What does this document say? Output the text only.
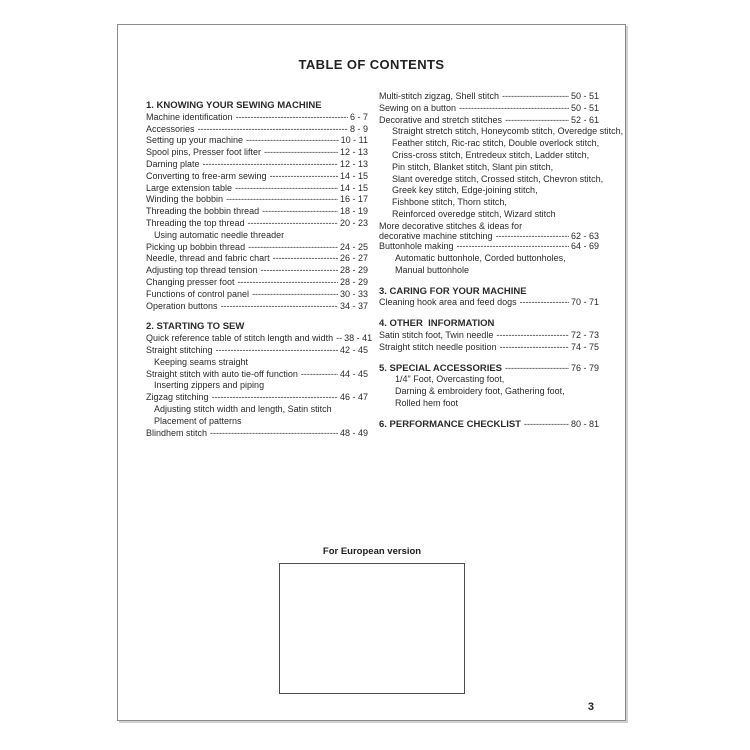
TABLE OF CONTENTS
1. KNOWING YOUR SEWING MACHINE
Machine identification -----	6 - 7
Accessories -----	8 - 9
Setting up your machine -----	10 - 11
Spool pins, Presser foot lifter -----	12 - 13
Darning plate -----	12 - 13
Converting to free-arm sewing -----	14 - 15
Large extension table -----	14 - 15
Winding the bobbin -----	16 - 17
Threading the bobbin thread -----	18 - 19
Threading the top thread -----	20 - 23
Using automatic needle threader
Picking up bobbin thread -----	24 - 25
Needle, thread and fabric chart -----	26 - 27
Adjusting top thread tension -----	28 - 29
Changing presser foot -----	28 - 29
Functions of control panel -----	30 - 33
Operation buttons -----	34 - 37
2. STARTING TO SEW
Quick reference table of stitch length and width ----- 38 - 41
Straight stitching -----	42 - 45
Keeping seams straight
Straight stitch with auto tie-off function -----	44 - 45
Inserting zippers and piping
Zigzag stitching -----	46 - 47
Adjusting stitch width and length, Satin stitch
Placement of patterns
Blindhem stitch -----	48 - 49
Multi-stitch zigzag, Shell stitch -----	50 - 51
Sewing on a button -----	50 - 51
Decorative and stretch stitches -----	52 - 61
Straight stretch stitch, Honeycomb stitch, Overedge stitch,
Feather stitch, Ric-rac stitch, Double overlock stitch,
Criss-cross stitch, Entredeux stitch, Ladder stitch,
Pin stitch, Blanket stitch, Slant pin stitch,
Slant overedge stitch, Crossed stitch, Chevron stitch,
Greek key stitch, Edge-joining stitch,
Fishbone stitch, Thorn stitch,
Reinforced overedge stitch, Wizard stitch
More decorative stitches & ideas for
decorative machine stitching -----	62 - 63
Buttonhole making -----	64 - 69
Automatic buttonhole, Corded buttonholes,
Manual buttonhole
3. CARING FOR YOUR MACHINE
Cleaning hook area and feed dogs -----	70 - 71
4. OTHER  INFORMATION
Satin stitch foot, Twin needle -----	72 - 73
Straight stitch needle position -----	74 - 75
5. SPECIAL ACCESSORIES -----	76 - 79
1/4" Foot, Overcasting foot,
Darning & embroidery foot, Gathering foot,
Rolled hem foot
6. PERFORMANCE CHECKLIST -----	80 - 81
For European version
3
